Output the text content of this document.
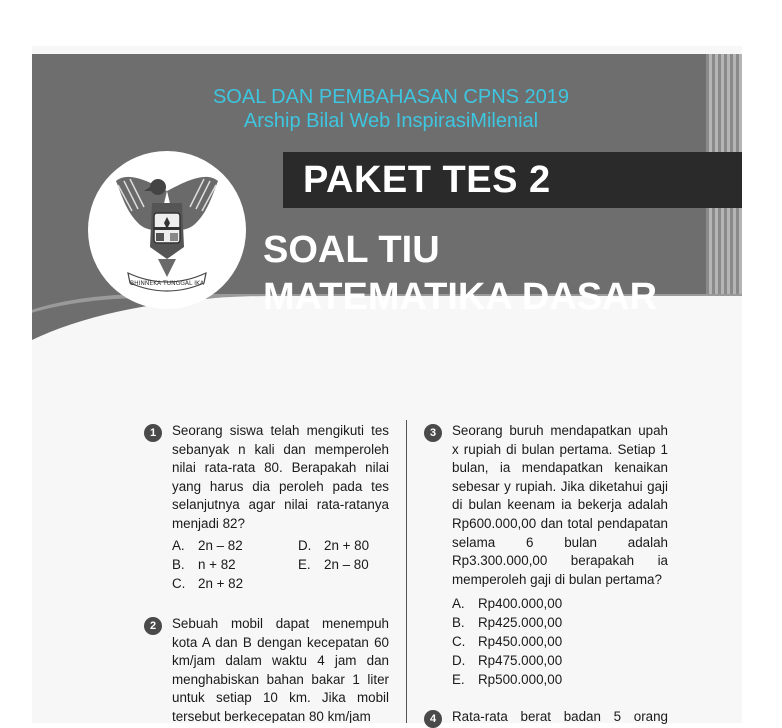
PAKET TES 2
SOAL TIU
MATEMATIKA DASAR
BHINNEKA TUNGGAL IKA
SOAL DAN PEMBAHASAN CPNS 2019
Arship Bilal Web InspirasiMilenial
1	Seorang siswa telah mengikuti tes sebanyak n kali dan memperoleh nilai rata-rata 80. Berapakah nilai yang harus dia peroleh pada tes selanjutnya agar nilai rata-ratanya menjadi 82?
A. 2n – 82
B. n + 82
C. 2n + 82
D. 2n + 80
E. 2n – 80
2	Sebuah mobil dapat menempuh kota A dan B dengan kecepatan 60 km/jam dalam waktu 4 jam dan menghabiskan bahan bakar 1 liter untuk setiap 10 km. Jika mobil tersebut berkecepatan 80 km/jam
3	Seorang buruh mendapatkan upah x rupiah di bulan pertama. Setiap 1 bulan, ia mendapatkan kenaikan sebesar y rupiah. Jika diketahui gaji di bulan keenam ia bekerja adalah Rp600.000,00 dan total pendapatan selama 6 bulan adalah Rp3.300.000,00 berapakah ia memperoleh gaji di bulan pertama?
A. Rp400.000,00
B. Rp425.000,00
C. Rp450.000,00
D. Rp475.000,00
E. Rp500.000,00
4	Rata-rata berat badan 5 orang
